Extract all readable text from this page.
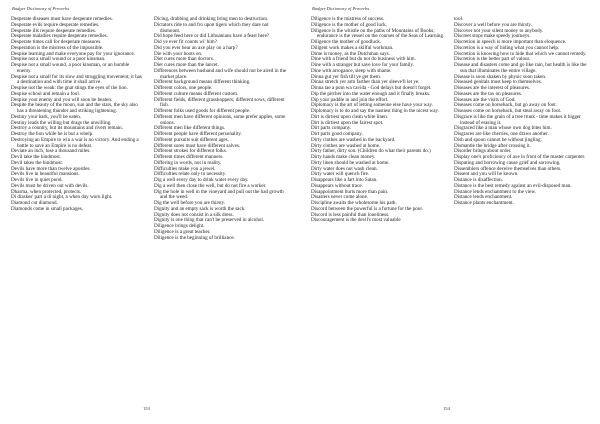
Badger Dictionary of Proverbs

Desperate diseases must have desperate remedies.

Desperate evils require desperate remedies.

Desperate ills require desperate remedies.

Desperate maladies require desperate remedies.

Desperate times call for desperate measures.

Desperation is the mistress of the impossible.

Despise learning and make everyone pay for your ignorance.

Despise not a small wound or a poor kinsman.

Despise not a small wound, a poor kinsman, or an humble enemy.

Despise not a small for its slow and struggling movement; it has a destination and with time it shall arrive.

Despise not the weak: the gnat stings the eyes of the lion.

Despise school and remain a fool.

Despise your enemy and you will soon be beaten.

Despite the beauty of the moon, sun and the stars, the sky also has a threatening thunder and striking lightening.

Destiny your bark, you'll be eaten.

Destiny leads the willing but drags the unwilling.

Destroy a country, but its mountains and rivers remain.

Destroy the lion while he is but a whelp.

Destroying an Empire to win a war is no victory. And ending a battle to save an Empire is no defeat.

Deviate an inch, lose a thousand miles.

Devil take the hindmost.

Devil takes the hindmost.

Devils have more than twelve apostles.

Devils live in beautiful mansions.

Devils live in quiet pond.

Devils must be driven out with devils.

Dharma, when protected, protects.

Di diaskes' part a di night, a when day worn light.

Diamond cut diamond.

Diamonds come in small packages.

Dicing, drabbing and drinking bring men to destruction.

Dictators ride to and fro upon tigers which they dare not dismount.

Did hope feed here or did Lithuanians have a feast here?

Did ye ever fit counts wi' him?

Did you ever hear an axe play on a harp?

Die with your boots on.

Diet cures more than doctors.

Diet cures more than the lancet.

Differences between husband and wife should not be aired in the market place.

Different background means different thinking.

Different colors, one people.

Different culture means different custom.

Different fields, different grasshoppers; different sows, different fish.

Different folks used goods for different people.

Different men have different opinions, some prefer apples, some onions.

Different men like different things.

Different people have different personality.

Different pursuits suit different ages.

Different sores must have different salves.

Different strokes for different folks.

Different times different manners.

Differing in words, not in reality.

Difficulties make you a jewel.

Difficulties relate only to necessity.

Dig a well every day to drink water every day.

Dig a well then close the well, but do not fire a worker.

Dig the hole in well in the vineyard and pull out the bad growth and the weed.

Dig the well before you are thirsty.

Dignity and an empty sack is worth the sack.

Dignity does not consist in a silk dress.

Dignity is one thing that can't be preserved in alcohol.

Diligence brings delight.

Diligence is a great teacher.

Diligence is the beginning of brilliance.

153
Badger Dictionary of Proverbs

Diligence is the mistress of success.

Diligence is the mother of good luck.

Diligence is the whistle on the paths of Mountains of Books; endurance is the vessel on the courses of the Seas of Learning.

Diligence the mother of goodluck.

Diligent work makes a skilful workman.

Dime is money, as the Dutchman says.

Dine with a friend but do not do business with him.

Dine with a stranger but save love for your family.

Dine with arrogance, sleep with shame.

Dinna gut yer fish till ye get them.

Dinna stretch yer arm farther than yer sleeve'll let ye.

Dinna tae a poin wa cavida - God delays but doesn't forget.

Dip the pitcher into the water enough and it finally breaks.

Dip your paddle in and join the effort.

Diplomacy is the art of letting someone else have your way.

Diplomacy is to do and say the nastiest thing in the nicest way.

Dirt is dirtiest upon clean white linen.

Dirt is dirtiest upon the fairest spot.

Dirt parts company.

Dirt parts good company.

Dirty clothes are washed in the backyard.

Dirty clothes are washed at home.

Dirty father, dirty son. (Children do what their parents do.)

Dirty hands make clean money.

Dirty linen should be washed at home.

Dirty water does not wash clean.

Dirty water will quench fire.

Disappears like a fart into Satan.

Disappears without trace.

Disappointment hurts more than pain.

Disasters never come alone.

Discipline awaits the wholesome his path.

Discord between the powerful is a fortune for the poor.

Discord is less painful than loneliness.

Discouragement is the devil's most valuable

tool.

Discover a well before you are thirsty.

Discover not your silent money to anybody.

Discreet stops make speedy journeys.

Discretion in speech is more important than eloquence.

Discretion is a way of hiding what you cannot help.

Discretion is knowing how to hide that which we cannot remedy.

Discretion is the better part of valour.

Disease and disasters come and go like rain, but health is like the sun that illuminates the entire village.

Disease is soon shaken by physic soon taken.

Diseased genitals must keep to themselves.

Diseases are the interest of pleasures.

Diseases are the tax on pleasures.

Diseases are the visits of God.

Diseases come on horseback, but go away on foot.

Diseases come on horseback, but steal away on foot.

Disgrace is like the grain of a tree trunk - time makes it bigger instead of erasing it.

Disgraced like a man whose own dog bites him.

Disgraces are like cherries, one draws another.

Dish and spoon cannot be without jingling.

Dismantle the bridge after crossing it.

Disorder brings about order.

Display one's proficiency of axe in front of the master carpenter.

Disputing and borrowing cause grief and sorrowing.

Dissemblers offence deceive themselves than others.

Dissent and you will be known.

Distance is disaffection.

Distance is the best remedy against an evil-disposed man.

Distance lends enchantment to the view.

Distance lends enchantment.

Distance plants enchantment.

154
